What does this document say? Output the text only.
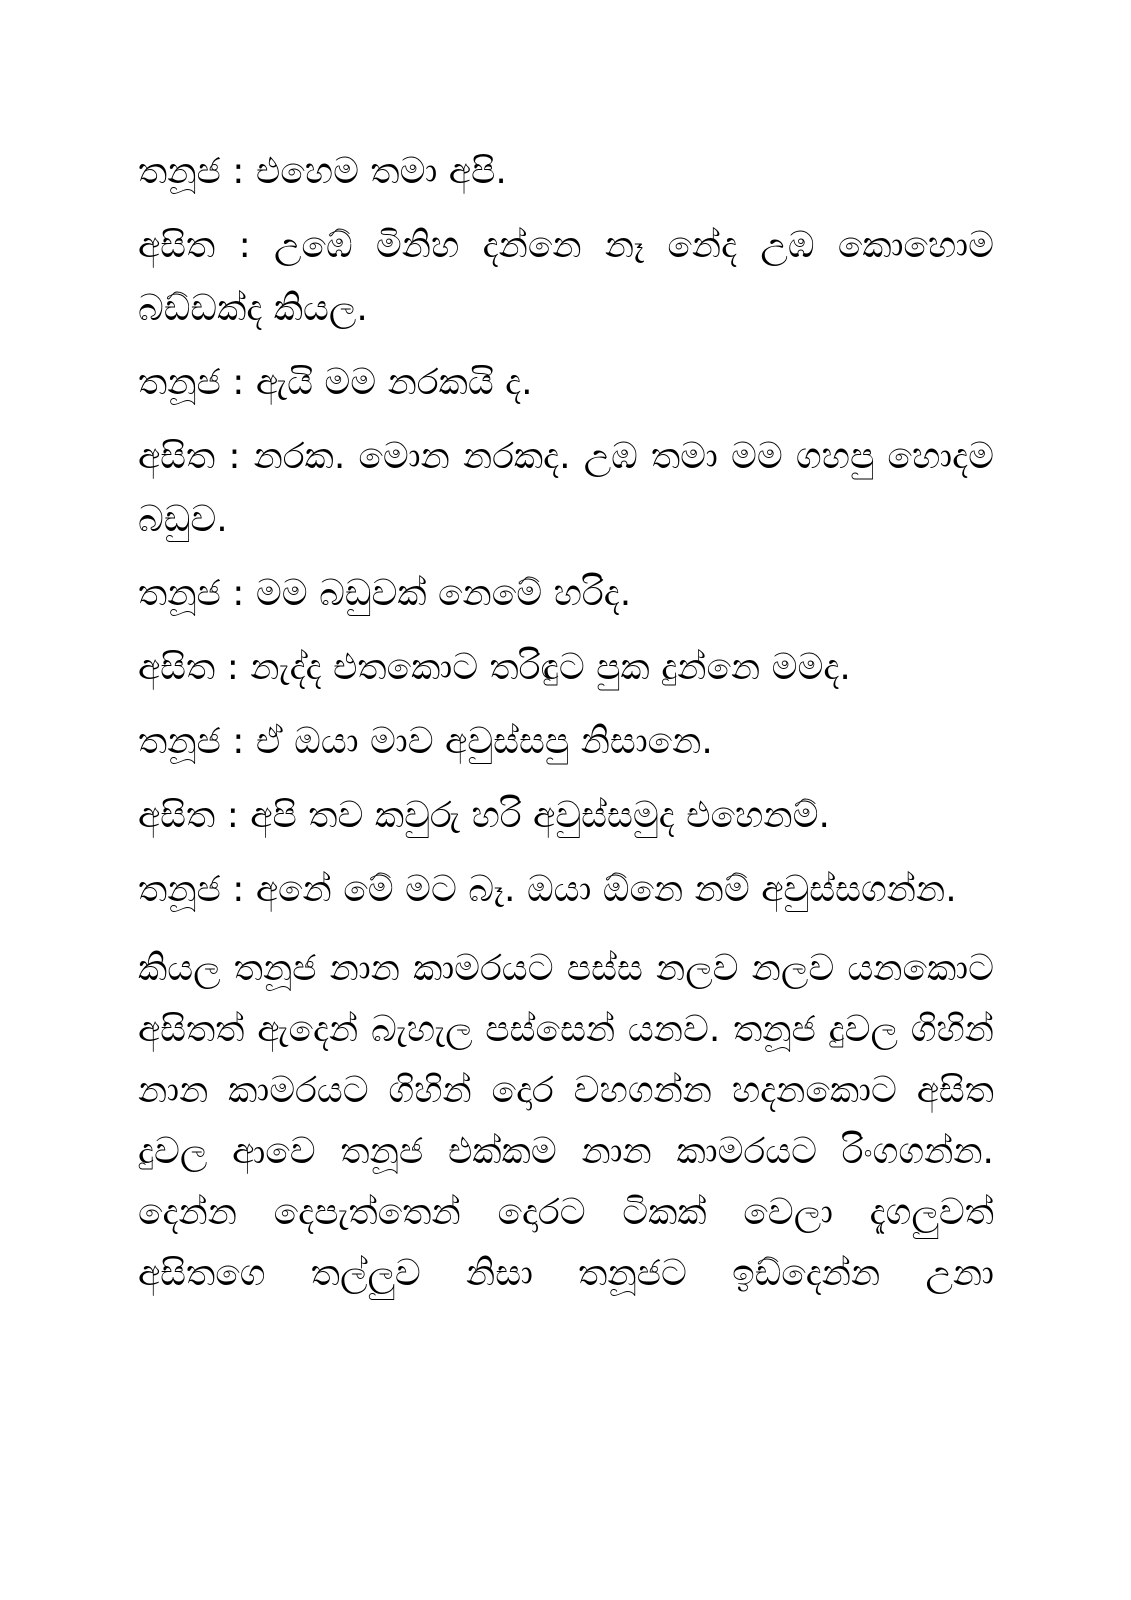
තනූජ : එහෙම තමා අපි.

අසිත : උඹේ මිනිහ දන්නෙ නෑ නේද උඹ කොහොම බඩ්ඩක්ද කියල.

තනූජ : ඇයි මම නරකයි ද.

අසිත : නරක. මොන නරකද. උඹ තමා මම ගහපු හොදම බඩුව.

තනූජ : මම බඩුවක් නෙමේ හරිද.

අසිත : නැද්ද එතකොට තරිඳුට පුක දුන්නෙ මමද.

තනූජ : ඒ ඔයා මාව අවුස්සපු නිසානෙ.

අසිත : අපි තව කවුරු හරි අවුස්සමුද එහෙනම්.

තනූජ : අනේ මේ මට බෑ. ඔයා ඕනෙ නම් අවුස්සගන්න.

කියල තනූජ නාන කාමරයට පස්ස නලව නලව යනකොට අසිතත් ඇදෙන් බැහැල පස්සෙන් යනව. තනූජ දුවල ගිහින් නාන කාමරයට ගිහින් දොර වහගන්න හදනකොට අසිත දුවල ආවෙ තනූජ එක්කම නාන කාමරයට රිංගගන්න. දෙන්න දෙපැත්තෙන් දොරට ටිකක් වෙලා දැගලුවත් අසිතගෙ තල්ලුව නිසා තනූජට ඉඩ්දෙන්න උනා
